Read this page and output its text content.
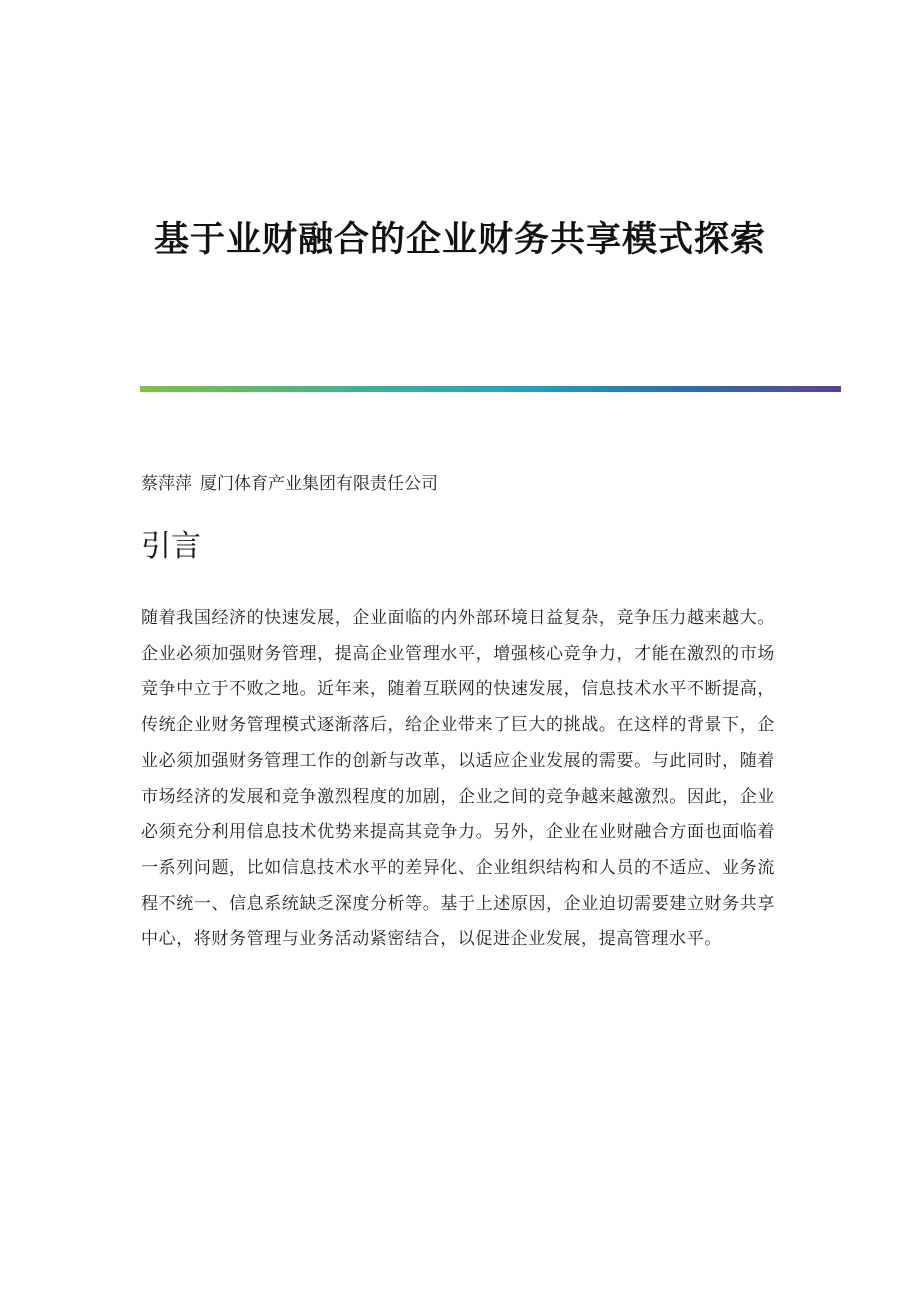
基于业财融合的企业财务共享模式探索
蔡萍萍 厦门体育产业集团有限责任公司
引言

随着我国经济的快速发展，企业面临的内外部环境日益复杂，竞争压力越来越大。企业必须加强财务管理，提高企业管理水平，增强核心竞争力，才能在激烈的市场竞争中立于不败之地。近年来，随着互联网的快速发展，信息技术水平不断提高，传统企业财务管理模式逐渐落后，给企业带来了巨大的挑战。在这样的背景下，企业必须加强财务管理工作的创新与改革，以适应企业发展的需要。与此同时，随着市场经济的发展和竞争激烈程度的加剧，企业之间的竞争越来越激烈。因此，企业必须充分利用信息技术优势来提高其竞争力。另外，企业在业财融合方面也面临着一系列问题，比如信息技术水平的差异化、企业组织结构和人员的不适应、业务流程不统一、信息系统缺乏深度分析等。基于上述原因，企业迫切需要建立财务共享中心，将财务管理与业务活动紧密结合，以促进企业发展，提高管理水平。
